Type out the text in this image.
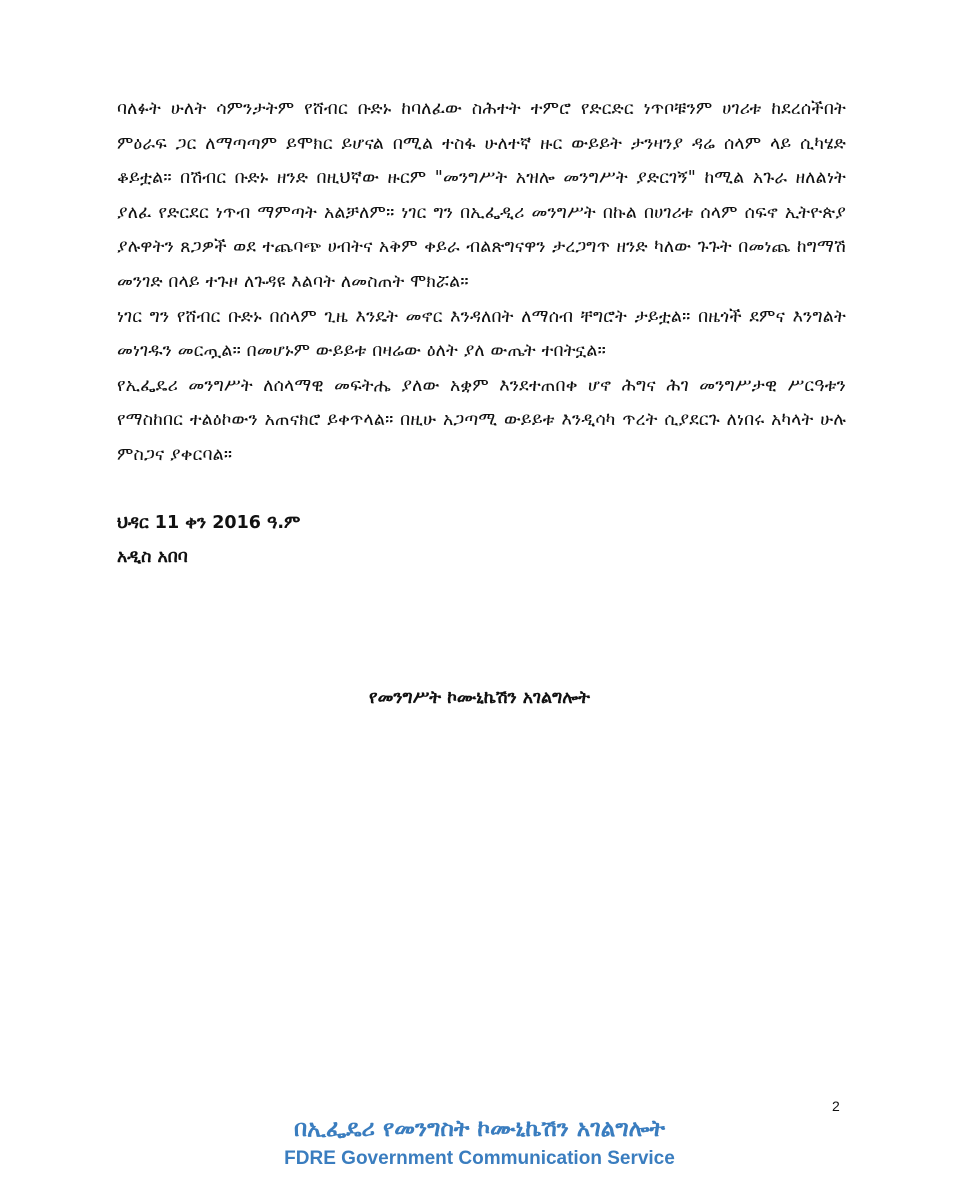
ባለፉት ሁለት ሳምንታትም የሸብር ቡድኑ ከባለፈው ስሕተት ተምሮ የድርድር ነጥቦቹንም ሀገሪቱ ከደረሰችበት ምዕራፍ ጋር ለማጣጣም ይሞክር ይሆናል በሚል ተስፋ ሁለተኛ ዙር ውይይት ታንዛንያ ዳሬ ሰላም ላይ ሲካሄድ ቆይቷል። በሽብር ቡድኑ ዘንድ በዚህኛው ዙርም "መንግሥት አዝሎ መንግሥት ያድርገኝ" ከሚል አጉራ ዘለልነት ያለፈ የድርደር ነጥብ ማምጣት አልቻለም። ነገር ግን በኢፌዲሪ መንግሥት በኩል በሀገሪቱ ሰላም ሰፍኖ ኢትዮጵያ ያሉዋትን ጸጋዎች ወደ ተጨባጭ ሀብትና አቅም ቀይራ ብልጽግናዋን ታረጋግጥ ዘንድ ካለው ጉጉት በመነጨ ከግማሽ መንገድ በላይ ተጉዞ ለጉዳዩ እልባት ለመስጠት ሞክሯል።

ነገር ግን የሸብር ቡድኑ በሰላም ጊዜ እንዴት መኖር እንዳለበት ለማሰብ ቸግሮት ታይቷል። በዜጎች ደምና እንግልት መነገዱን መርጧል። በመሆኑም ውይይቱ በዛሬው ዕለት ያለ ውጤት ተበትኗል።

የኢፌዴሪ መንግሥት ለሰላማዊ መፍትሔ ያለው አቋም እንደተጠበቀ ሆኖ ሕግና ሕገ መንግሥታዊ ሥርዓቱን የማስከበር ተልዕኮውን አጠናክሮ ይቀጥላል። በዚሁ አጋጣሚ ውይይቱ እንዲሳካ ጥረት ሲያደርጉ ለነበሩ አካላት ሁሉ ምስጋና ያቀርባል።

ህዳር 11 ቀን 2016 ዓ.ም

አዲስ አበባ

የመንግሥት ኮሙኒኬሽን አገልግሎት

2

በኢፌዴሪ የመንግስት ኮሙኒኬሽን አገልግሎት

FDRE Government Communication Service
